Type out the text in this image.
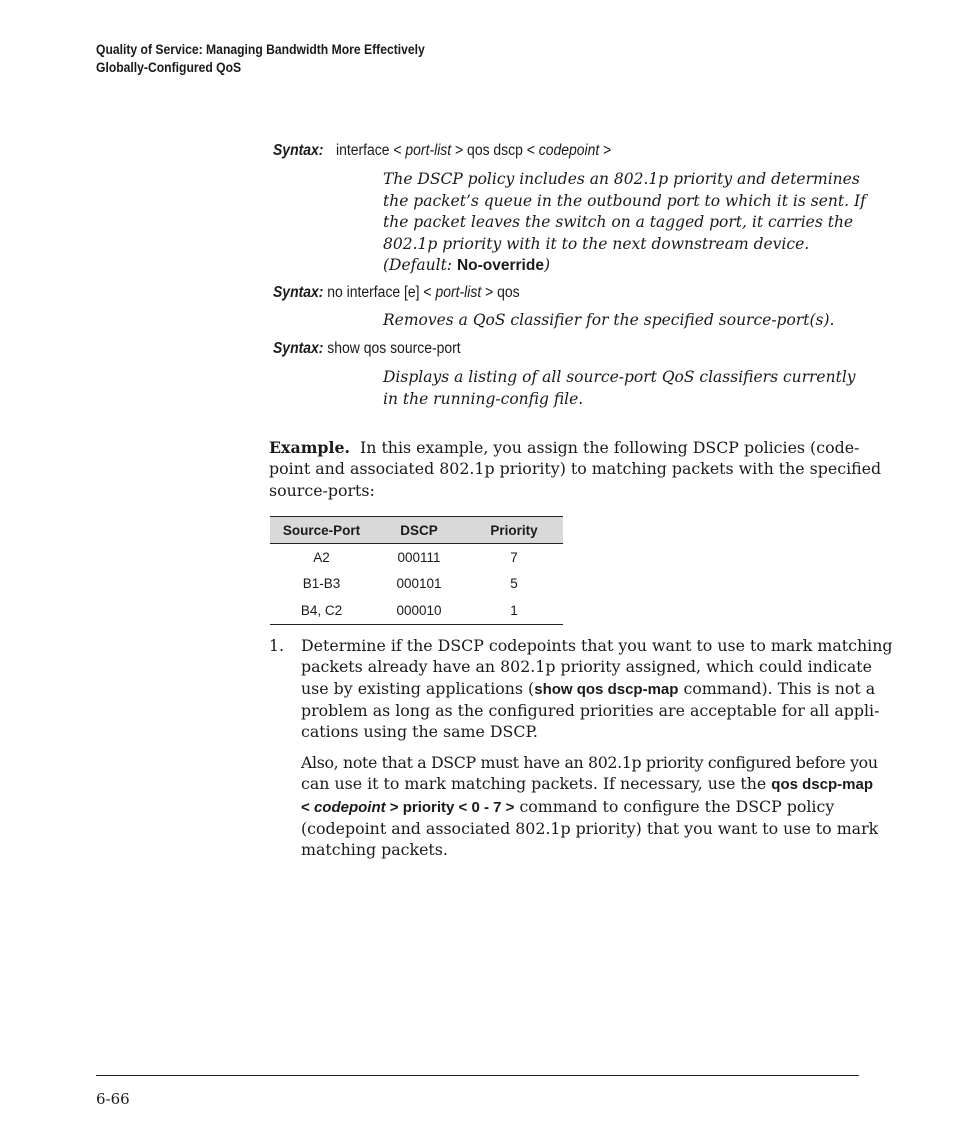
Quality of Service: Managing Bandwidth More Effectively
Globally-Configured QoS
Syntax: interface < port-list > qos dscp < codepoint >
The DSCP policy includes an 802.1p priority and determines
the packet’s queue in the outbound port to which it is sent. If
the packet leaves the switch on a tagged port, it carries the
802.1p priority with it to the next downstream device.
(Default: No-override)
Syntax: no interface [e] < port-list > qos
Removes a QoS classifier for the specified source-port(s).
Syntax: show qos source-port
Displays a listing of all source-port QoS classifiers currently
in the running-config file.
Example. In this example, you assign the following DSCP policies (code-
point and associated 802.1p priority) to matching packets with the specified
source-ports:
Source-Port	DSCP	Priority
A2	000111	7
B1-B3	000101	5
B4, C2	000010	1
1. Determine if the DSCP codepoints that you want to use to mark matching
packets already have an 802.1p priority assigned, which could indicate
use by existing applications (show qos dscp-map command). This is not a
problem as long as the configured priorities are acceptable for all appli-
cations using the same DSCP.
Also, note that a DSCP must have an 802.1p priority configured before you
can use it to mark matching packets. If necessary, use the qos dscp-map
< codepoint > priority < 0 - 7 > command to configure the DSCP policy
(codepoint and associated 802.1p priority) that you want to use to mark
matching packets.
6-66
